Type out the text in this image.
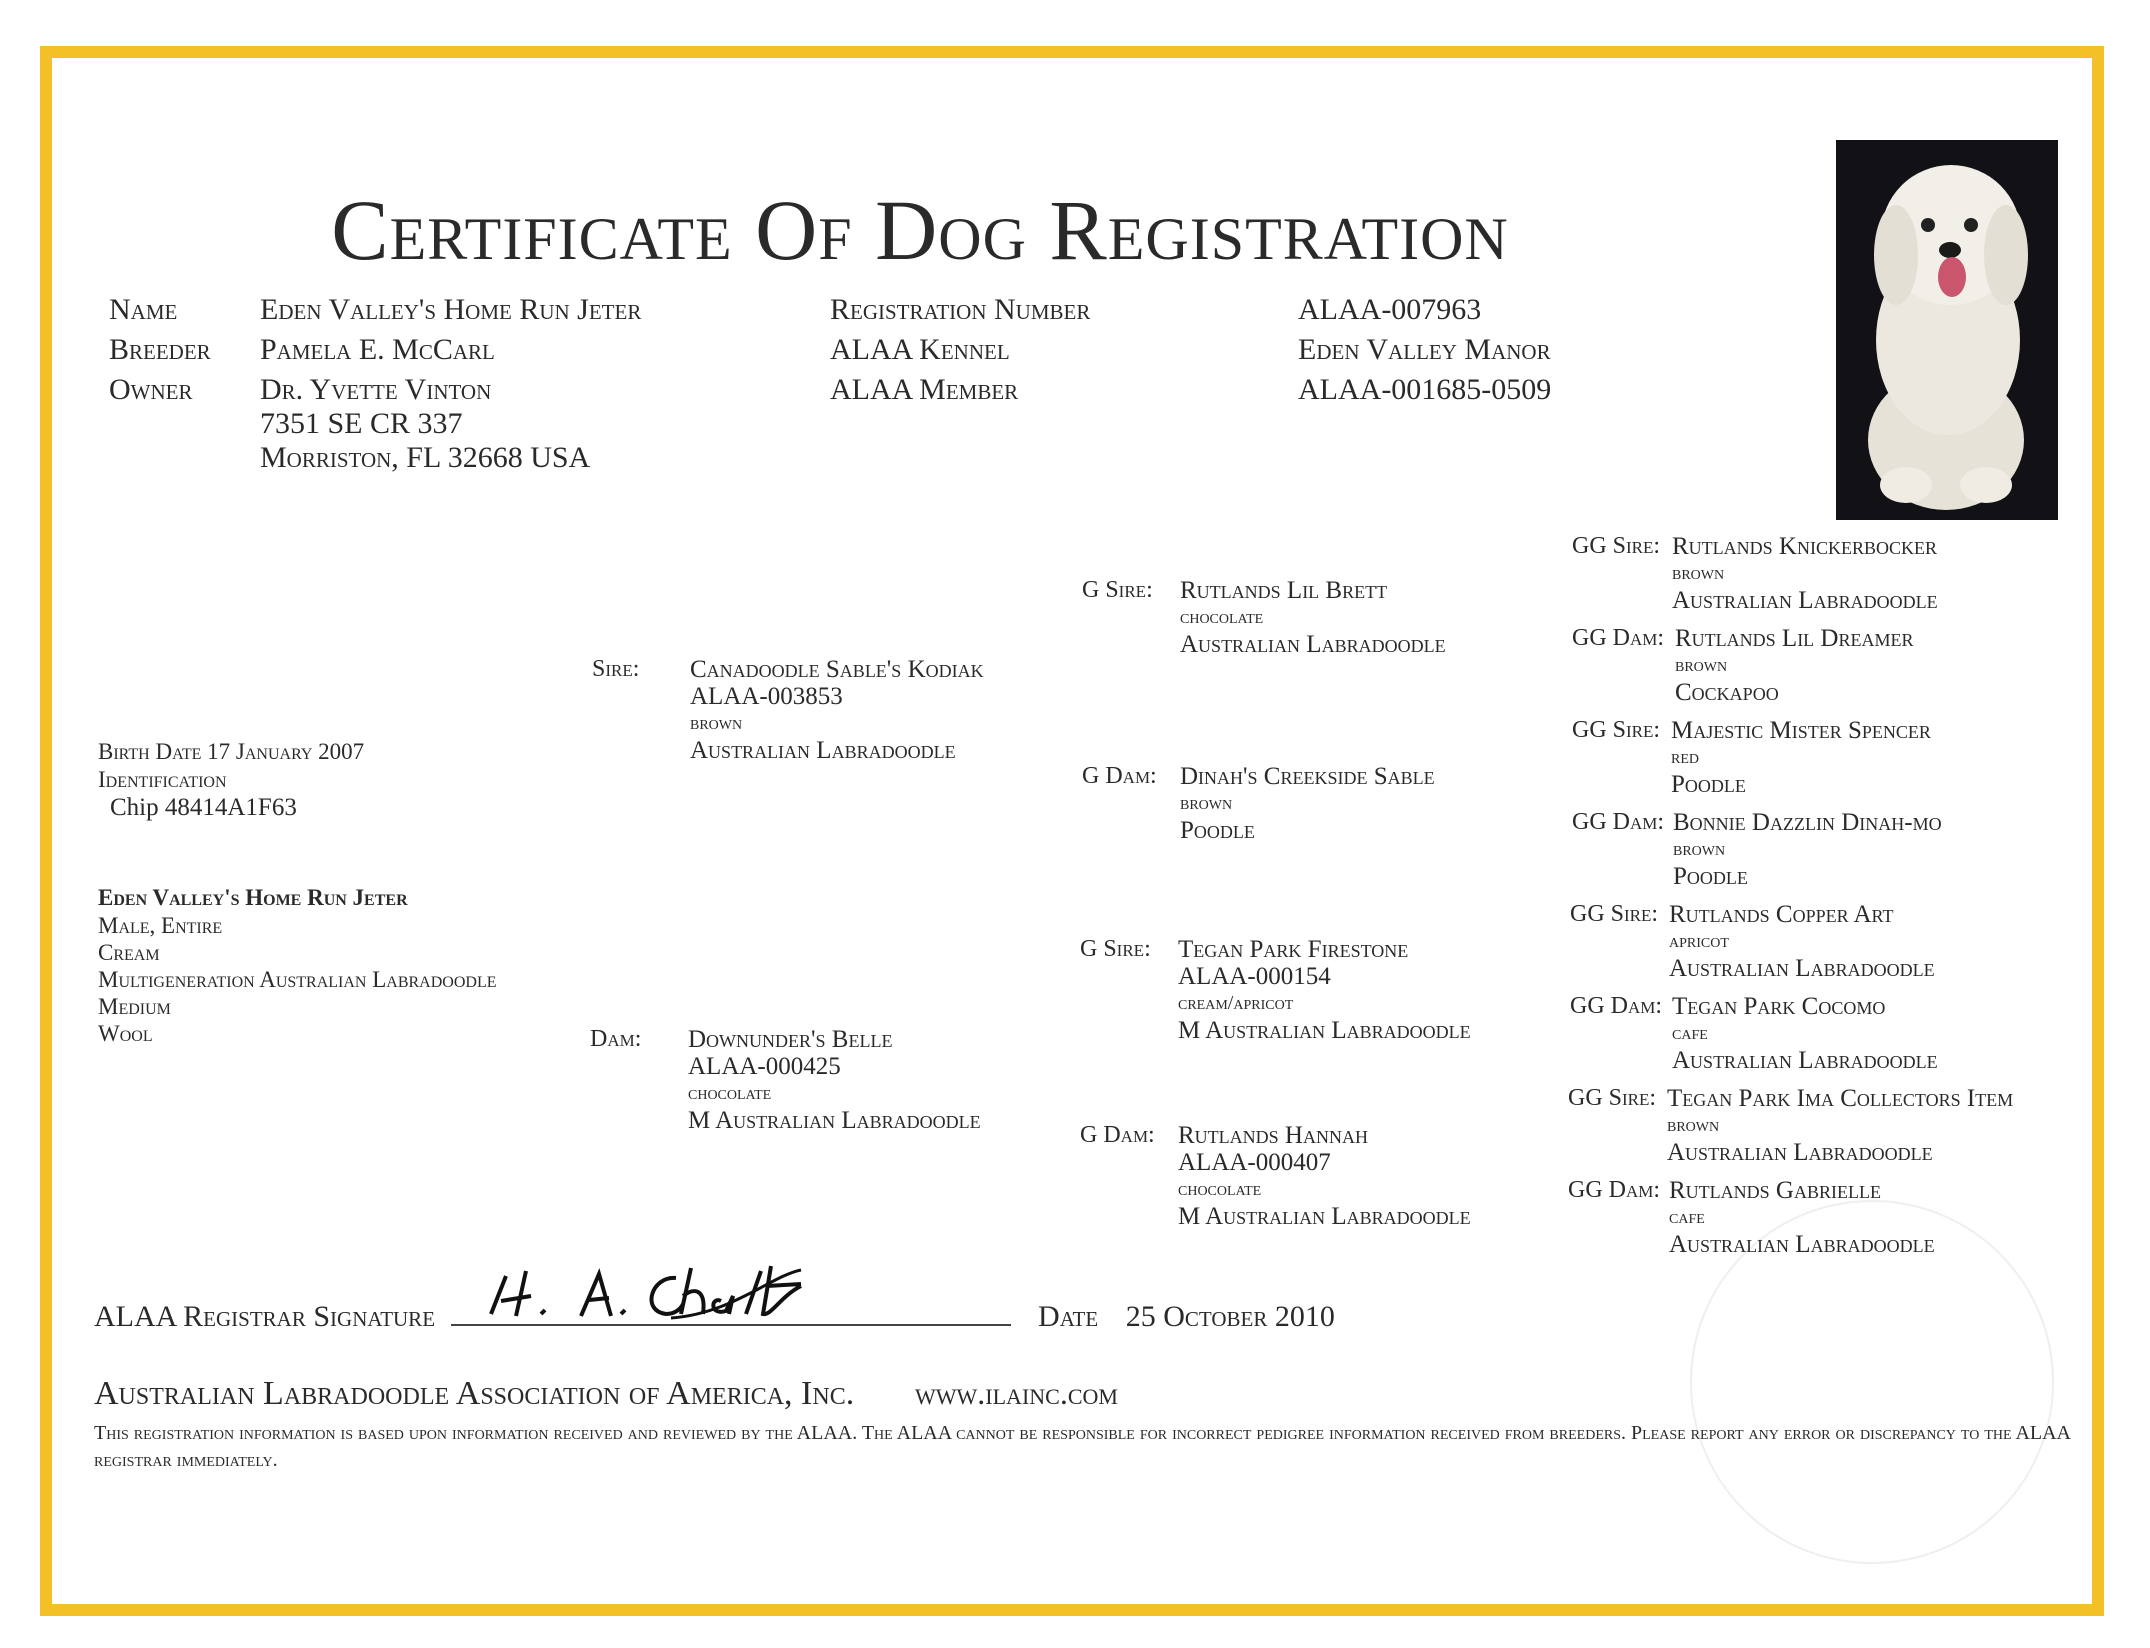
Certificate Of Dog Registration
Name
Breeder
Owner
Eden Valley's Home Run Jeter
Pamela E. McCarl
Dr. Yvette Vinton
7351 SE CR 337
Morriston, FL 32668 USA
Registration Number
ALAA Kennel
ALAA Member
ALAA-007963
Eden Valley Manor
ALAA-001685-0509
Birth Date 17 January 2007
Identification
Chip 48414A1F63
Eden Valley's Home Run Jeter
Male, Entire
Cream
Multigeneration Australian Labradoodle
Medium
Wool
Sire: Canadoodle Sable's Kodiak
ALAA-003853
brown
Australian Labradoodle
Dam: Downunder's Belle
ALAA-000425
chocolate
M Australian Labradoodle
G Sire: Rutlands Lil Brett
chocolate
Australian Labradoodle
G Dam: Dinah's Creekside Sable
brown
Poodle
G Sire: Tegan Park Firestone
ALAA-000154
cream/apricot
M Australian Labradoodle
G Dam: Rutlands Hannah
ALAA-000407
chocolate
M Australian Labradoodle
GG Sire: Rutlands Knickerbocker
brown
Australian Labradoodle
GG Dam: Rutlands Lil Dreamer
brown
Cockapoo
GG Sire: Majestic Mister Spencer
red
Poodle
GG Dam: Bonnie Dazzlin Dinah-mo
brown
Poodle
GG Sire: Rutlands Copper Art
apricot
Australian Labradoodle
GG Dam: Tegan Park Cocomo
cafe
Australian Labradoodle
GG Sire: Tegan Park Ima Collectors Item
brown
Australian Labradoodle
GG Dam: Rutlands Gabrielle
cafe
Australian Labradoodle
ALAA Registrar Signature	Date 25 October 2010
Australian Labradoodle Association of America, Inc. www.ilainc.com
This registration information is based upon information received and reviewed by the ALAA. The ALAA cannot be responsible for incorrect pedigree information received from breeders. Please report any error or discrepancy to the ALAA registrar immediately.
